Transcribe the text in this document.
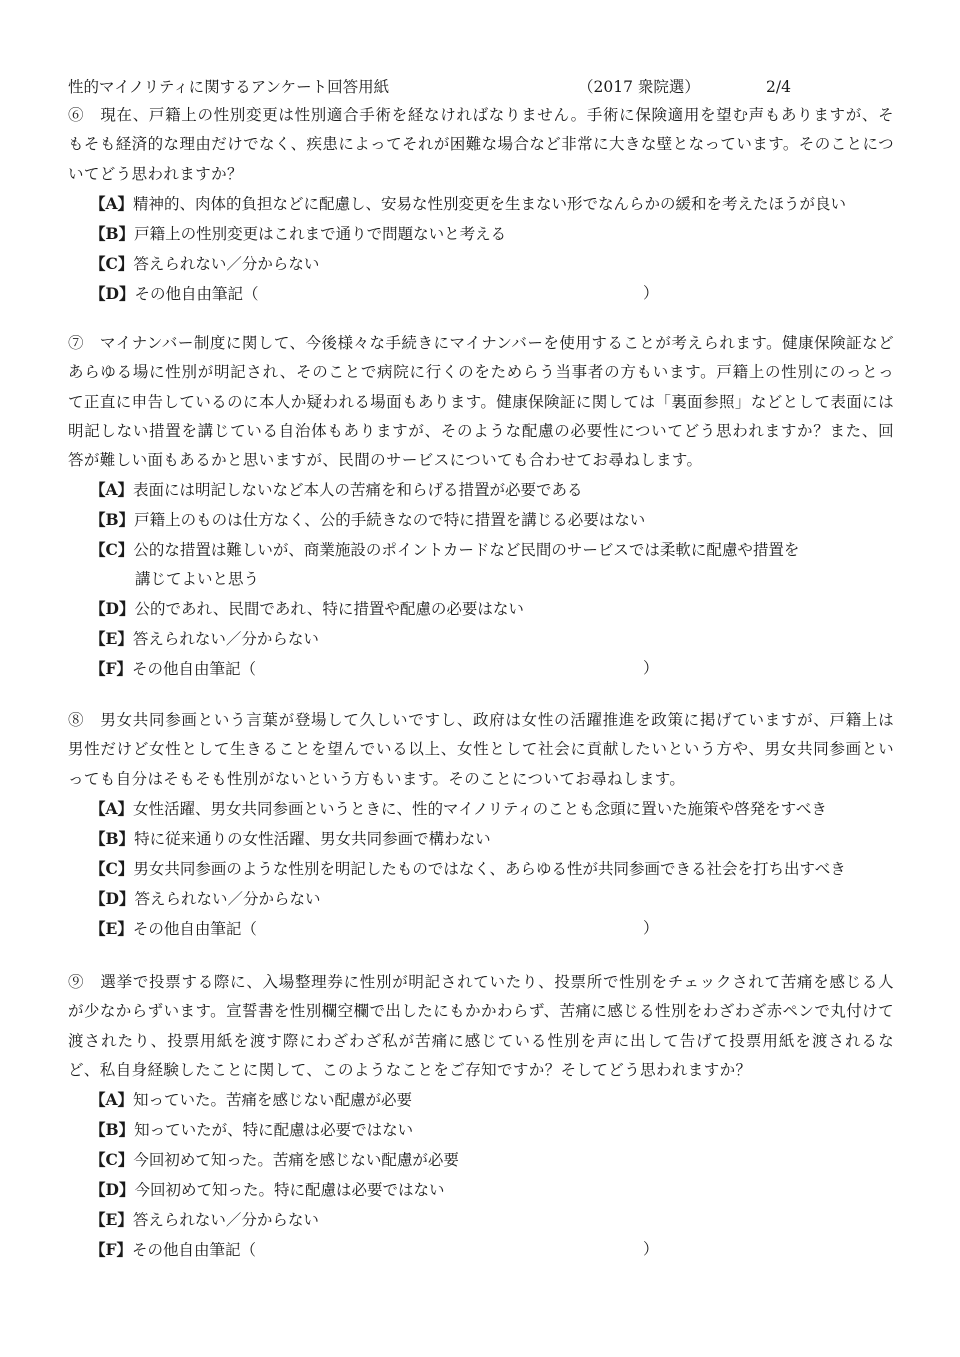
性的マイノリティに関するアンケート回答用紙	（2017 衆院選）	2/4
⑥　現在、戸籍上の性別変更は性別適合手術を経なければなりません。手術に保険適用を望む声もありますが、そもそも経済的な理由だけでなく、疾患によってそれが困難な場合など非常に大きな壁となっています。そのことについてどう思われますか？
【A】精神的、肉体的負担などに配慮し、安易な性別変更を生まない形でなんらかの緩和を考えたほうが良い
【B】戸籍上の性別変更はこれまで通りで問題ないと考える
【C】答えられない／分からない
【D】その他自由筆記（	）
⑦　マイナンバー制度に関して、今後様々な手続きにマイナンバーを使用することが考えられます。健康保険証などあらゆる場に性別が明記され、そのことで病院に行くのをためらう当事者の方もいます。戸籍上の性別にのっとって正直に申告しているのに本人か疑われる場面もあります。健康保険証に関しては「裏面参照」などとして表面には明記しない措置を講じている自治体もありますが、そのような配慮の必要性についてどう思われますか？また、回答が難しい面もあるかと思いますが、民間のサービスについても合わせてお尋ねします。
【A】表面には明記しないなど本人の苦痛を和らげる措置が必要である
【B】戸籍上のものは仕方なく、公的手続きなので特に措置を講じる必要はない
【C】公的な措置は難しいが、商業施設のポイントカードなど民間のサービスでは柔軟に配慮や措置を
講じてよいと思う
【D】公的であれ、民間であれ、特に措置や配慮の必要はない
【E】答えられない／分からない
【F】その他自由筆記（	）
⑧　男女共同参画という言葉が登場して久しいですし、政府は女性の活躍推進を政策に掲げていますが、戸籍上は男性だけど女性として生きることを望んでいる以上、女性として社会に貢献したいという方や、男女共同参画といっても自分はそもそも性別がないという方もいます。そのことについてお尋ねします。
【A】女性活躍、男女共同参画というときに、性的マイノリティのことも念頭に置いた施策や啓発をすべき
【B】特に従来通りの女性活躍、男女共同参画で構わない
【C】男女共同参画のような性別を明記したものではなく、あらゆる性が共同参画できる社会を打ち出すべき
【D】答えられない／分からない
【E】その他自由筆記（	）
⑨　選挙で投票する際に、入場整理券に性別が明記されていたり、投票所で性別をチェックされて苦痛を感じる人が少なからずいます。宣誓書を性別欄空欄で出したにもかかわらず、苦痛に感じる性別をわざわざ赤ペンで丸付けて渡されたり、投票用紙を渡す際にわざわざ私が苦痛に感じている性別を声に出して告げて投票用紙を渡されるなど、私自身経験したことに関して、このようなことをご存知ですか？そしてどう思われますか？
【A】知っていた。苦痛を感じない配慮が必要
【B】知っていたが、特に配慮は必要ではない
【C】今回初めて知った。苦痛を感じない配慮が必要
【D】今回初めて知った。特に配慮は必要ではない
【E】答えられない／分からない
【F】その他自由筆記（	）
